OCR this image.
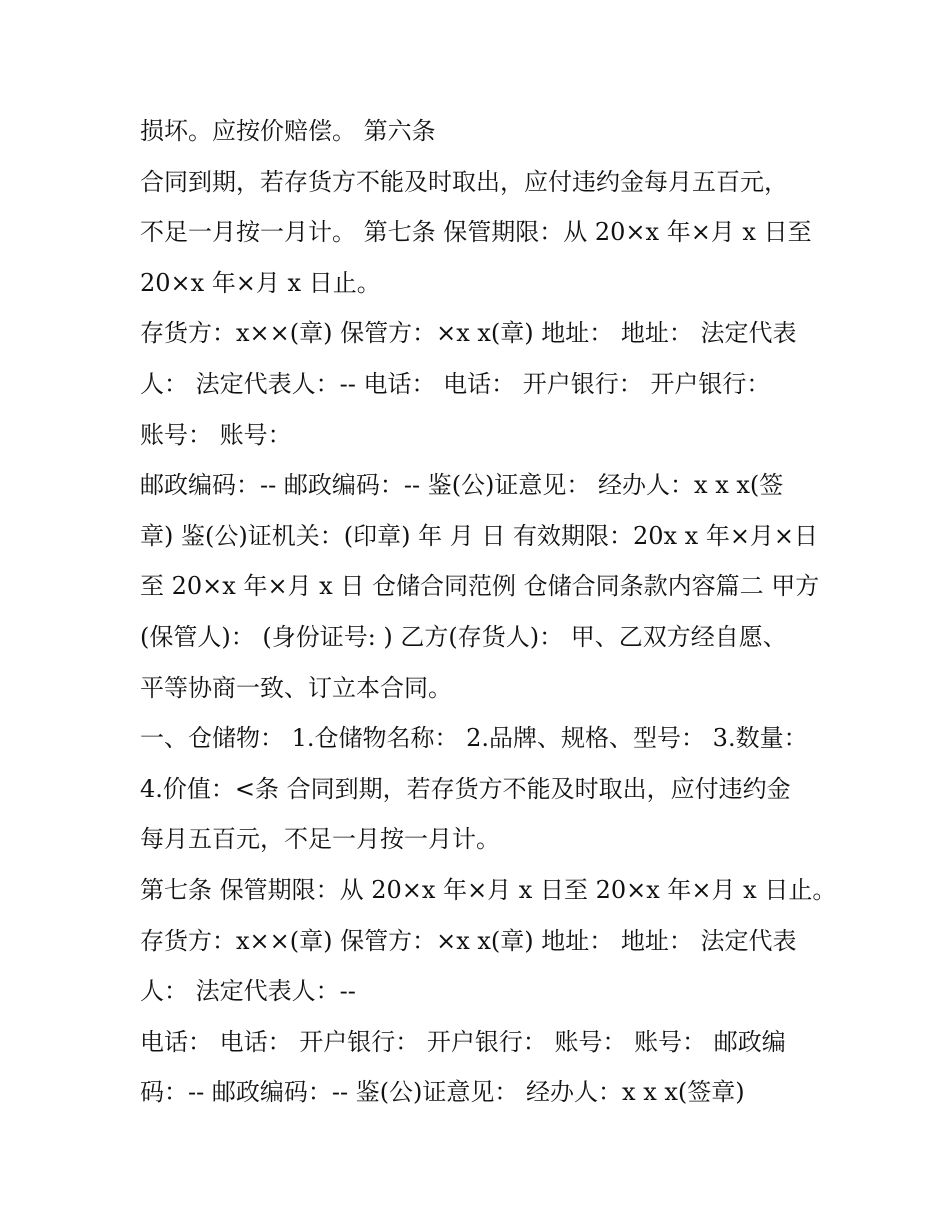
损坏。应按价赔偿。 第六条
合同到期，若存货方不能及时取出，应付违约金每月五百元，
不足一月按一月计。 第七条 保管期限：从 20×x 年×月 x 日至
20×x 年×月 x 日止。
存货方：x××(章) 保管方：×x x(章) 地址： 地址： 法定代表
人： 法定代表人：-- 电话： 电话： 开户银行： 开户银行：
账号： 账号：
邮政编码：-- 邮政编码：-- 鉴(公)证意见： 经办人：x x x(签
章) 鉴(公)证机关：(印章) 年 月 日 有效期限：20x x 年×月×日
至 20×x 年×月 x 日 仓储合同范例 仓储合同条款内容篇二 甲方
(保管人)： (身份证号: ) 乙方(存货人)： 甲、乙双方经自愿、
平等协商一致、订立本合同。
一、仓储物： 1.仓储物名称： 2.品牌、规格、型号： 3.数量：
4.价值：<条 合同到期，若存货方不能及时取出，应付违约金
每月五百元，不足一月按一月计。
第七条 保管期限：从 20×x 年×月 x 日至 20×x 年×月 x 日止。
存货方：x××(章) 保管方：×x x(章) 地址： 地址： 法定代表
人： 法定代表人：--
电话： 电话： 开户银行： 开户银行： 账号： 账号： 邮政编
码：-- 邮政编码：-- 鉴(公)证意见： 经办人：x x x(签章)
